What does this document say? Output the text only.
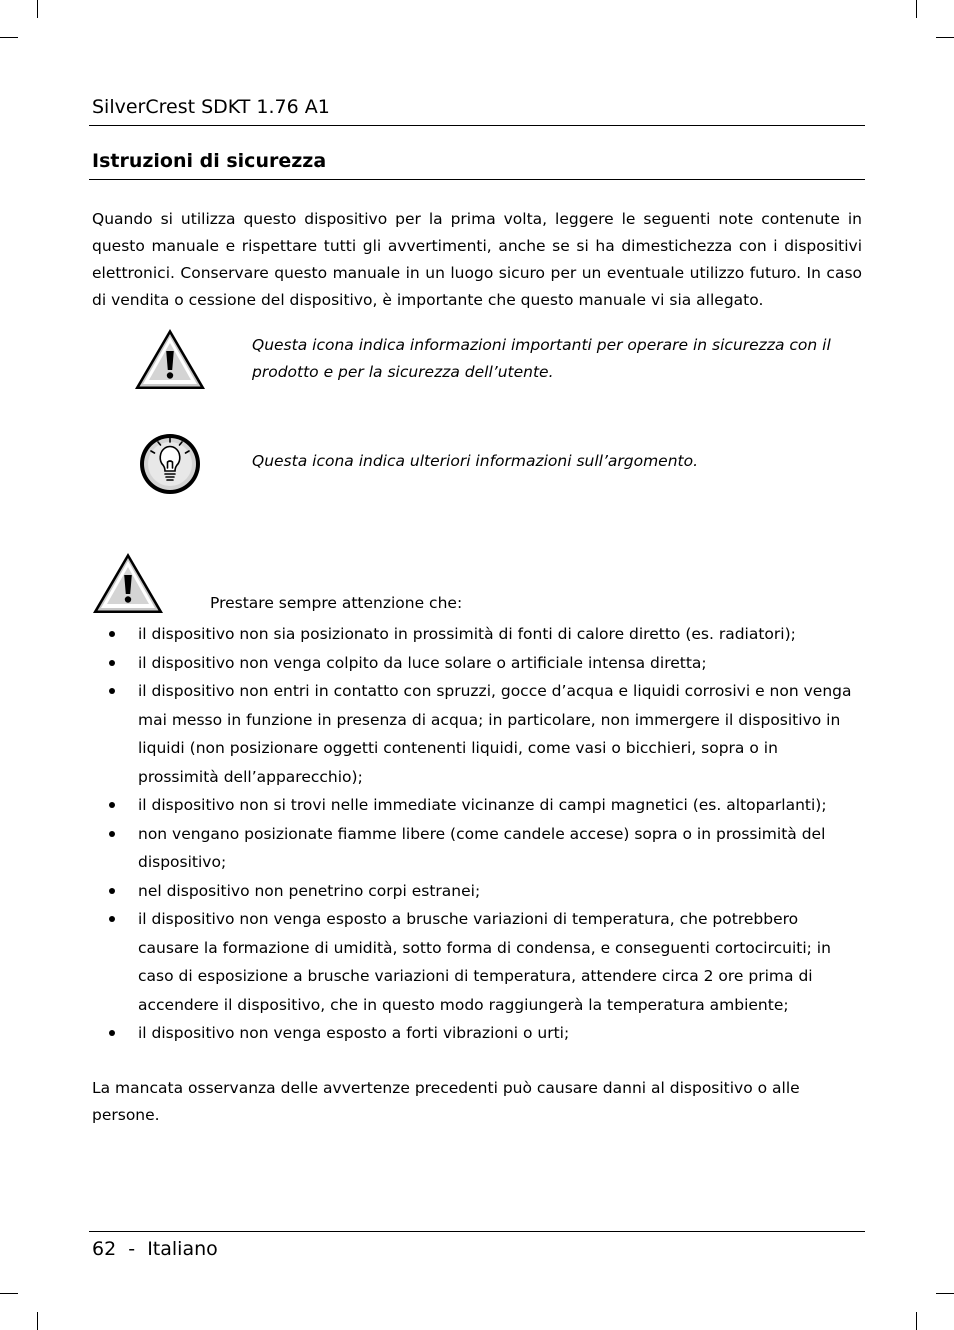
SilverCrest SDKT 1.76 A1
Istruzioni di sicurezza

Quando si utilizza questo dispositivo per la prima volta, leggere le seguenti note contenute in questo manuale e rispettare tutti gli avvertimenti, anche se si ha dimestichezza con i dispositivi elettronici. Conservare questo manuale in un luogo sicuro per un eventuale utilizzo futuro. In caso di vendita o cessione del dispositivo, è importante che questo manuale vi sia allegato.

Questa icona indica informazioni importanti per operare in sicurezza con il prodotto e per la sicurezza dell’utente.

Questa icona indica ulteriori informazioni sull’argomento.

Prestare sempre attenzione che:
il dispositivo non sia posizionato in prossimità di fonti di calore diretto (es. radiatori);
il dispositivo non venga colpito da luce solare o artificiale intensa diretta;
il dispositivo non entri in contatto con spruzzi, gocce d’acqua e liquidi corrosivi e non venga mai messo in funzione in presenza di acqua; in particolare, non immergere il dispositivo in liquidi (non posizionare oggetti contenenti liquidi, come vasi o bicchieri, sopra o in prossimità dell’apparecchio);
il dispositivo non si trovi nelle immediate vicinanze di campi magnetici (es. altoparlanti);
non vengano posizionate fiamme libere (come candele accese) sopra o in prossimità del dispositivo;
nel dispositivo non penetrino corpi estranei;
il dispositivo non venga esposto a brusche variazioni di temperatura, che potrebbero causare la formazione di umidità, sotto forma di condensa, e conseguenti cortocircuiti; in caso di esposizione a brusche variazioni di temperatura, attendere circa 2 ore prima di accendere il dispositivo, che in questo modo raggiungerà la temperatura ambiente;
il dispositivo non venga esposto a forti vibrazioni o urti;

La mancata osservanza delle avvertenze precedenti può causare danni al dispositivo o alle persone.

62  -  Italiano
